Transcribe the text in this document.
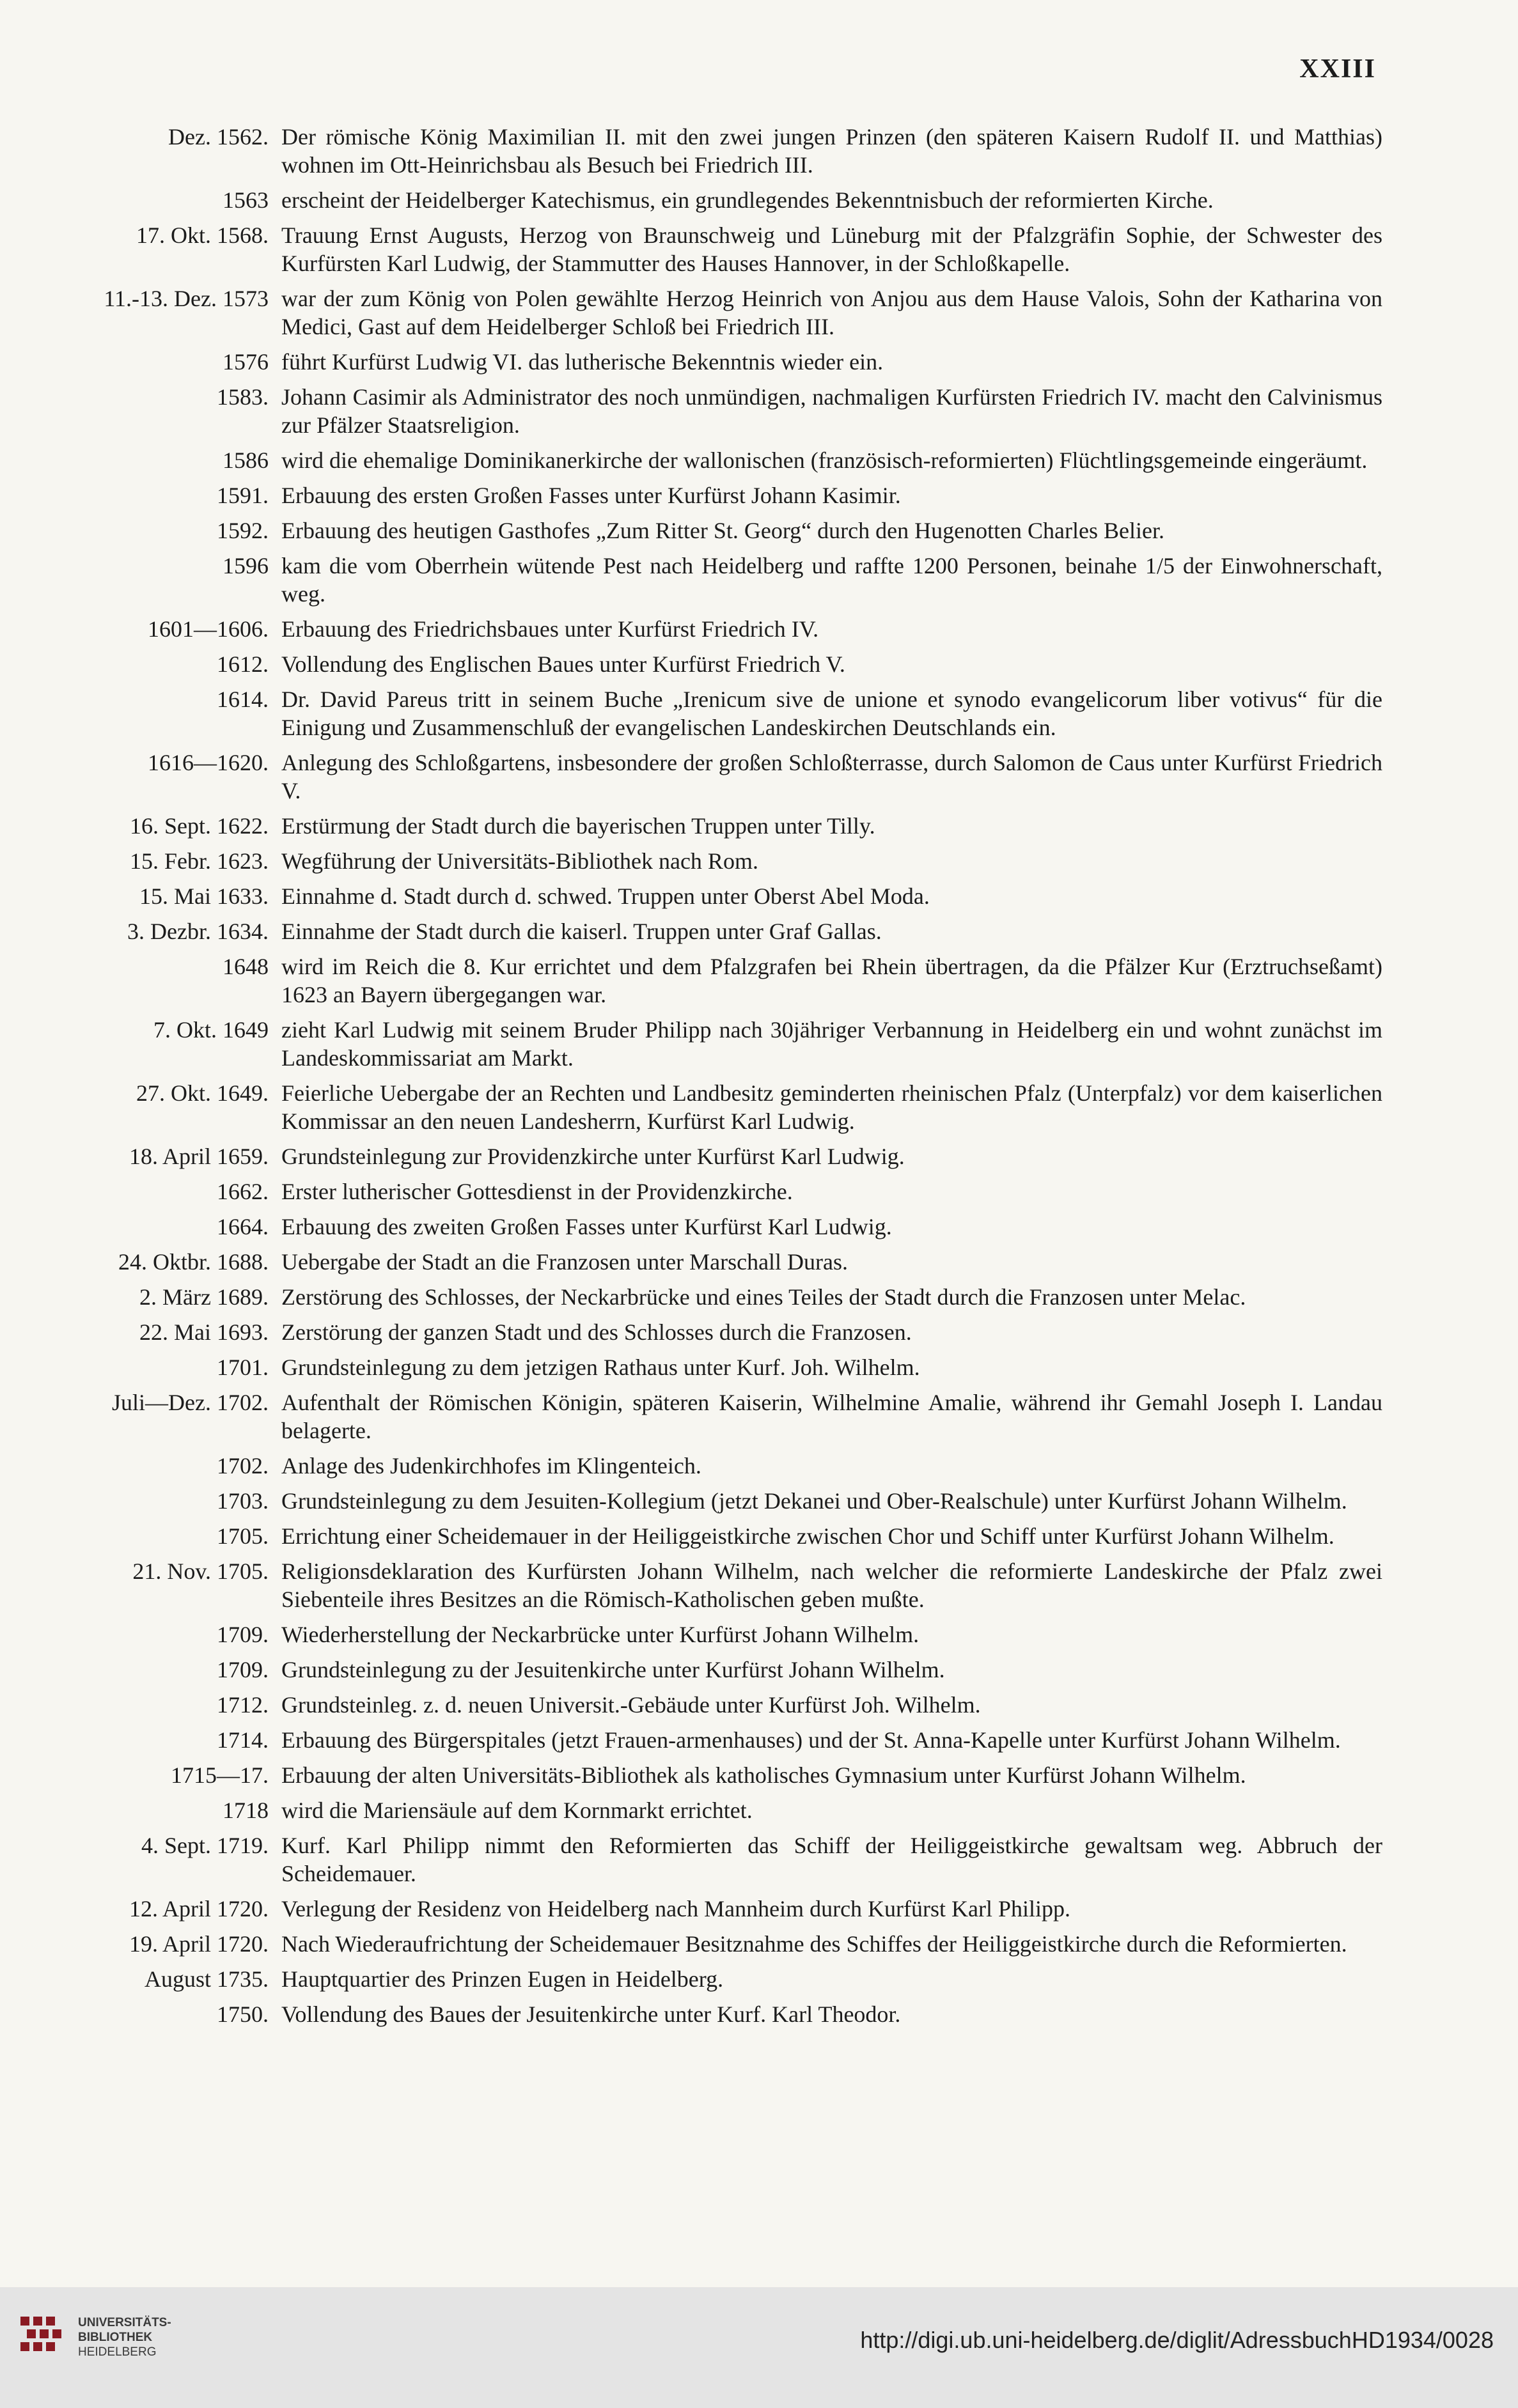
XXIII
Dez. 1562. Der römische König Maximilian II. mit den zwei jungen Prinzen (den späteren Kaisern Rudolf II. und Matthias) wohnen im Ott-Heinrichsbau als Besuch bei Friedrich III.
1563 erscheint der Heidelberger Katechismus, ein grundlegendes Bekenntnisbuch der reformierten Kirche.
17. Okt. 1568. Trauung Ernst Augusts, Herzog von Braunschweig und Lüneburg mit der Pfalzgräfin Sophie, der Schwester des Kurfürsten Karl Ludwig, der Stammutter des Hauses Hannover, in der Schloßkapelle.
11.-13. Dez. 1573 war der zum König von Polen gewählte Herzog Heinrich von Anjou aus dem Hause Valois, Sohn der Katharina von Medici, Gast auf dem Heidelberger Schloß bei Friedrich III.
1576 führt Kurfürst Ludwig VI. das lutherische Bekenntnis wieder ein.
1583. Johann Casimir als Administrator des noch unmündigen, nachmaligen Kurfürsten Friedrich IV. macht den Calvinismus zur Pfälzer Staatsreligion.
1586 wird die ehemalige Dominikanerkirche der wallonischen (französisch-reformierten) Flüchtlingsgemeinde eingeräumt.
1591. Erbauung des ersten Großen Fasses unter Kurfürst Johann Kasimir.
1592. Erbauung des heutigen Gasthofes „Zum Ritter St. Georg“ durch den Hugenotten Charles Belier.
1596 kam die vom Oberrhein wütende Pest nach Heidelberg und raffte 1200 Personen, beinahe 1/5 der Einwohnerschaft, weg.
1601—1606. Erbauung des Friedrichsbaues unter Kurfürst Friedrich IV.
1612. Vollendung des Englischen Baues unter Kurfürst Friedrich V.
1614. Dr. David Pareus tritt in seinem Buche „Irenicum sive de unione et synodo evangelicorum liber votivus“ für die Einigung und Zusammenschluß der evangelischen Landeskirchen Deutschlands ein.
1616—1620. Anlegung des Schloßgartens, insbesondere der großen Schloßterrasse, durch Salomon de Caus unter Kurfürst Friedrich V.
16. Sept. 1622. Erstürmung der Stadt durch die bayerischen Truppen unter Tilly.
15. Febr. 1623. Wegführung der Universitäts-Bibliothek nach Rom.
15. Mai 1633. Einnahme d. Stadt durch d. schwed. Truppen unter Oberst Abel Moda.
3. Dezbr. 1634. Einnahme der Stadt durch die kaiserl. Truppen unter Graf Gallas.
1648 wird im Reich die 8. Kur errichtet und dem Pfalzgrafen bei Rhein übertragen, da die Pfälzer Kur (Erztruchseßamt) 1623 an Bayern übergegangen war.
7. Okt. 1649 zieht Karl Ludwig mit seinem Bruder Philipp nach 30jähriger Verbannung in Heidelberg ein und wohnt zunächst im Landeskommissariat am Markt.
27. Okt. 1649. Feierliche Uebergabe der an Rechten und Landbesitz geminderten rheinischen Pfalz (Unterpfalz) vor dem kaiserlichen Kommissar an den neuen Landesherrn, Kurfürst Karl Ludwig.
18. April 1659. Grundsteinlegung zur Providenzkirche unter Kurfürst Karl Ludwig.
1662. Erster lutherischer Gottesdienst in der Providenzkirche.
1664. Erbauung des zweiten Großen Fasses unter Kurfürst Karl Ludwig.
24. Oktbr. 1688. Uebergabe der Stadt an die Franzosen unter Marschall Duras.
2. März 1689. Zerstörung des Schlosses, der Neckarbrücke und eines Teiles der Stadt durch die Franzosen unter Melac.
22. Mai 1693. Zerstörung der ganzen Stadt und des Schlosses durch die Franzosen.
1701. Grundsteinlegung zu dem jetzigen Rathaus unter Kurf. Joh. Wilhelm.
Juli—Dez. 1702. Aufenthalt der Römischen Königin, späteren Kaiserin, Wilhelmine Amalie, während ihr Gemahl Joseph I. Landau belagerte.
1702. Anlage des Judenkirchhofes im Klingenteich.
1703. Grundsteinlegung zu dem Jesuiten-Kollegium (jetzt Dekanei und Ober-Realschule) unter Kurfürst Johann Wilhelm.
1705. Errichtung einer Scheidemauer in der Heiliggeistkirche zwischen Chor und Schiff unter Kurfürst Johann Wilhelm.
21. Nov. 1705. Religionsdeklaration des Kurfürsten Johann Wilhelm, nach welcher die reformierte Landeskirche der Pfalz zwei Siebenteile ihres Besitzes an die Römisch-Katholischen geben mußte.
1709. Wiederherstellung der Neckarbrücke unter Kurfürst Johann Wilhelm.
1709. Grundsteinlegung zu der Jesuitenkirche unter Kurfürst Johann Wilhelm.
1712. Grundsteinleg. z. d. neuen Universit.-Gebäude unter Kurfürst Joh. Wilhelm.
1714. Erbauung des Bürgerspitales (jetzt Frauen-armenhauses) und der St. Anna-Kapelle unter Kurfürst Johann Wilhelm.
1715—17. Erbauung der alten Universitäts-Bibliothek als katholisches Gymnasium unter Kurfürst Johann Wilhelm.
1718 wird die Mariensäule auf dem Kornmarkt errichtet.
4. Sept. 1719. Kurf. Karl Philipp nimmt den Reformierten das Schiff der Heiliggeistkirche gewaltsam weg. Abbruch der Scheidemauer.
12. April 1720. Verlegung der Residenz von Heidelberg nach Mannheim durch Kurfürst Karl Philipp.
19. April 1720. Nach Wiederaufrichtung der Scheidemauer Besitznahme des Schiffes der Heiliggeistkirche durch die Reformierten.
August 1735. Hauptquartier des Prinzen Eugen in Heidelberg.
1750. Vollendung des Baues der Jesuitenkirche unter Kurf. Karl Theodor.
UNIVERSITÄTS-
BIBLIOTHEK
HEIDELBERG	http://digi.ub.uni-heidelberg.de/diglit/AdressbuchHD1934/0028
